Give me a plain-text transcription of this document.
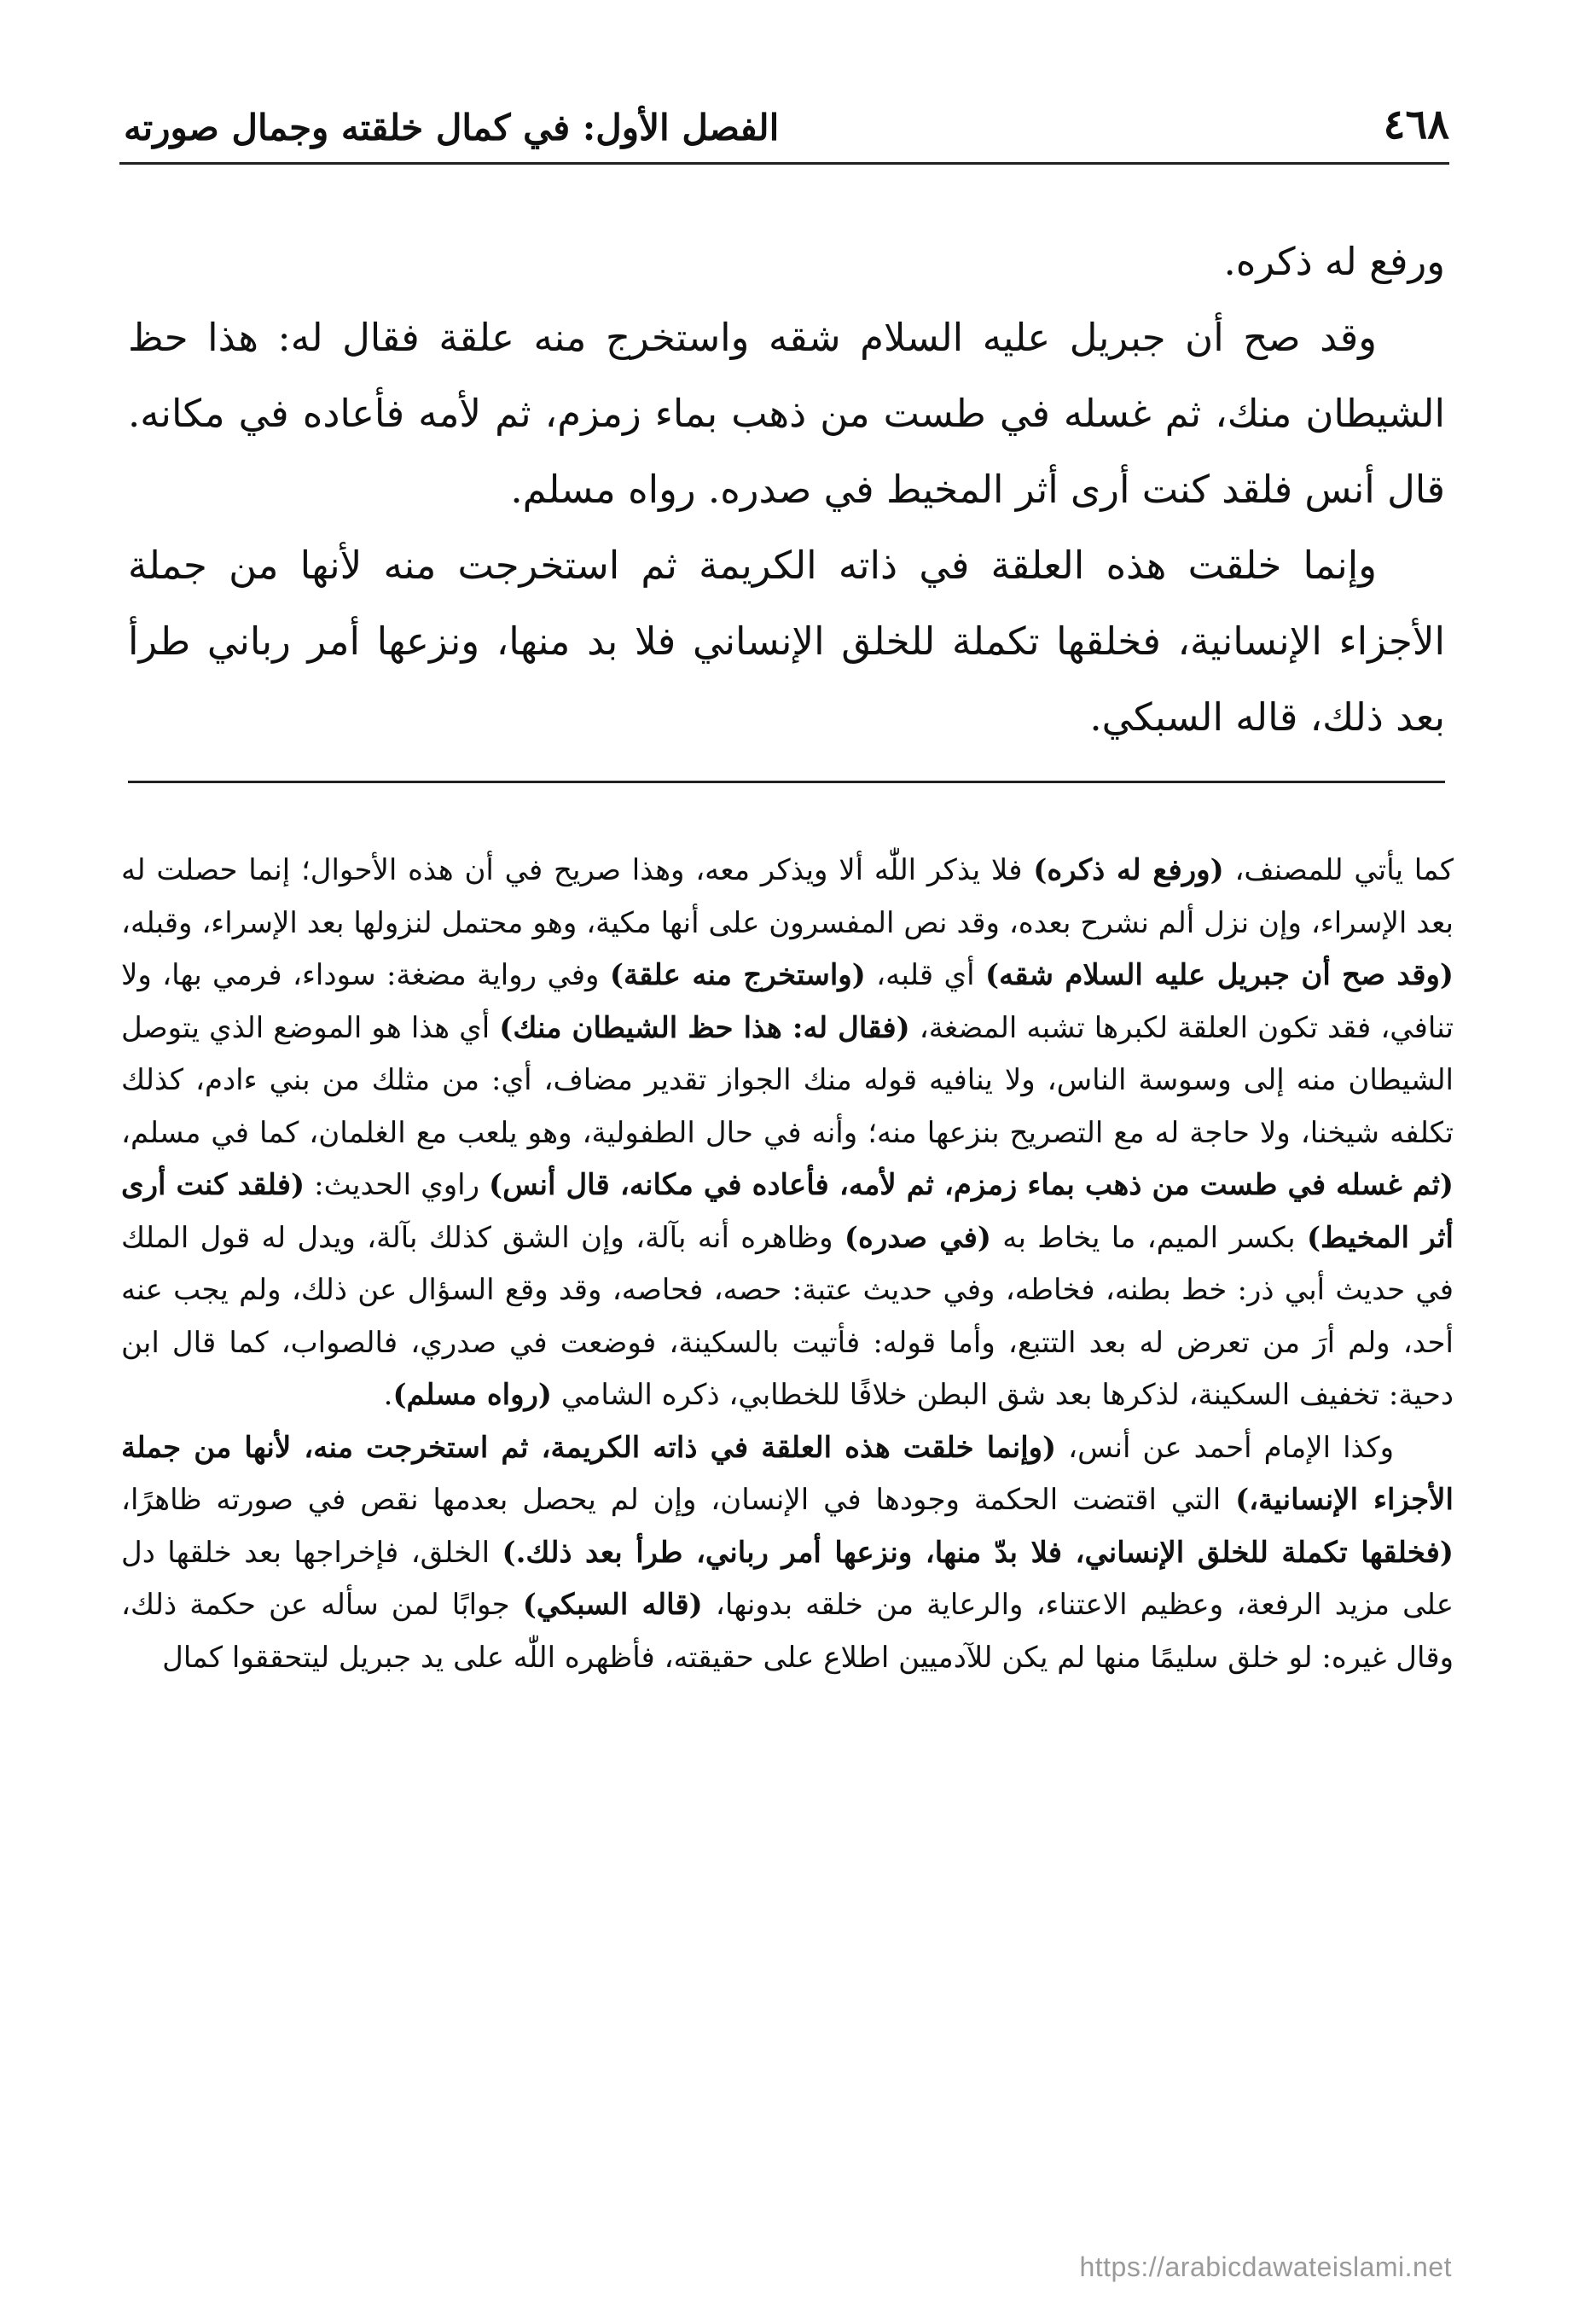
٤٦٨
الفصل الأول: في كمال خلقته وجمال صورته

ورفع له ذكره.

وقد صح أن جبريل عليه السلام شقه واستخرج منه علقة فقال له: هذا حظ الشيطان منك، ثم غسله في طست من ذهب بماء زمزم، ثم لأمه فأعاده في مكانه. قال أنس فلقد كنت أرى أثر المخيط في صدره. رواه مسلم.

وإنما خلقت هذه العلقة في ذاته الكريمة ثم استخرجت منه لأنها من جملة الأجزاء الإنسانية، فخلقها تكملة للخلق الإنساني فلا بد منها، ونزعها أمر رباني طرأ بعد ذلك، قاله السبكي.

كما يأتي للمصنف، (ورفع له ذكره) فلا يذكر اللّٰه ألا ويذكر معه، وهذا صريح في أن هذه الأحوال؛ إنما حصلت له بعد الإسراء، وإن نزل ألم نشرح بعده، وقد نص المفسرون على أنها مكية، وهو محتمل لنزولها بعد الإسراء، وقبله، (وقد صح أن جبريل عليه السلام شقه) أي قلبه، (واستخرج منه علقة) وفي رواية مضغة: سوداء، فرمي بها، ولا تنافي، فقد تكون العلقة لكبرها تشبه المضغة، (فقال له: هذا حظ الشيطان منك) أي هذا هو الموضع الذي يتوصل الشيطان منه إلى وسوسة الناس، ولا ينافيه قوله منك الجواز تقدير مضاف، أي: من مثلك من بني ءادم، كذلك تكلفه شيخنا، ولا حاجة له مع التصريح بنزعها منه؛ وأنه في حال الطفولية، وهو يلعب مع الغلمان، كما في مسلم، (ثم غسله في طست من ذهب بماء زمزم، ثم لأمه، فأعاده في مكانه، قال أنس) راوي الحديث: (فلقد كنت أرى أثر المخيط) بكسر الميم، ما يخاط به (في صدره) وظاهره أنه بآلة، وإن الشق كذلك بآلة، ويدل له قول الملك في حديث أبي ذر: خط بطنه، فخاطه، وفي حديث عتبة: حصه، فحاصه، وقد وقع السؤال عن ذلك، ولم يجب عنه أحد، ولم أرَ من تعرض له بعد التتبع، وأما قوله: فأتيت بالسكينة، فوضعت في صدري، فالصواب، كما قال ابن دحية: تخفيف السكينة، لذكرها بعد شق البطن خلافًا للخطابي، ذكره الشامي (رواه مسلم).

وكذا الإمام أحمد عن أنس، (وإنما خلقت هذه العلقة في ذاته الكريمة، ثم استخرجت منه، لأنها من جملة الأجزاء الإنسانية،) التي اقتضت الحكمة وجودها في الإنسان، وإن لم يحصل بعدمها نقص في صورته ظاهرًا، (فخلقها تكملة للخلق الإنساني، فلا بدّ منها، ونزعها أمر رباني، طرأ بعد ذلك.) الخلق، فإخراجها بعد خلقها دل على مزيد الرفعة، وعظيم الاعتناء، والرعاية من خلقه بدونها، (قاله السبكي) جوابًا لمن سأله عن حكمة ذلك، وقال غيره: لو خلق سليمًا منها لم يكن للآدميين اطلاع على حقيقته، فأظهره اللّٰه على يد جبريل ليتحققوا كمال

https://arabicdawateislami.net
